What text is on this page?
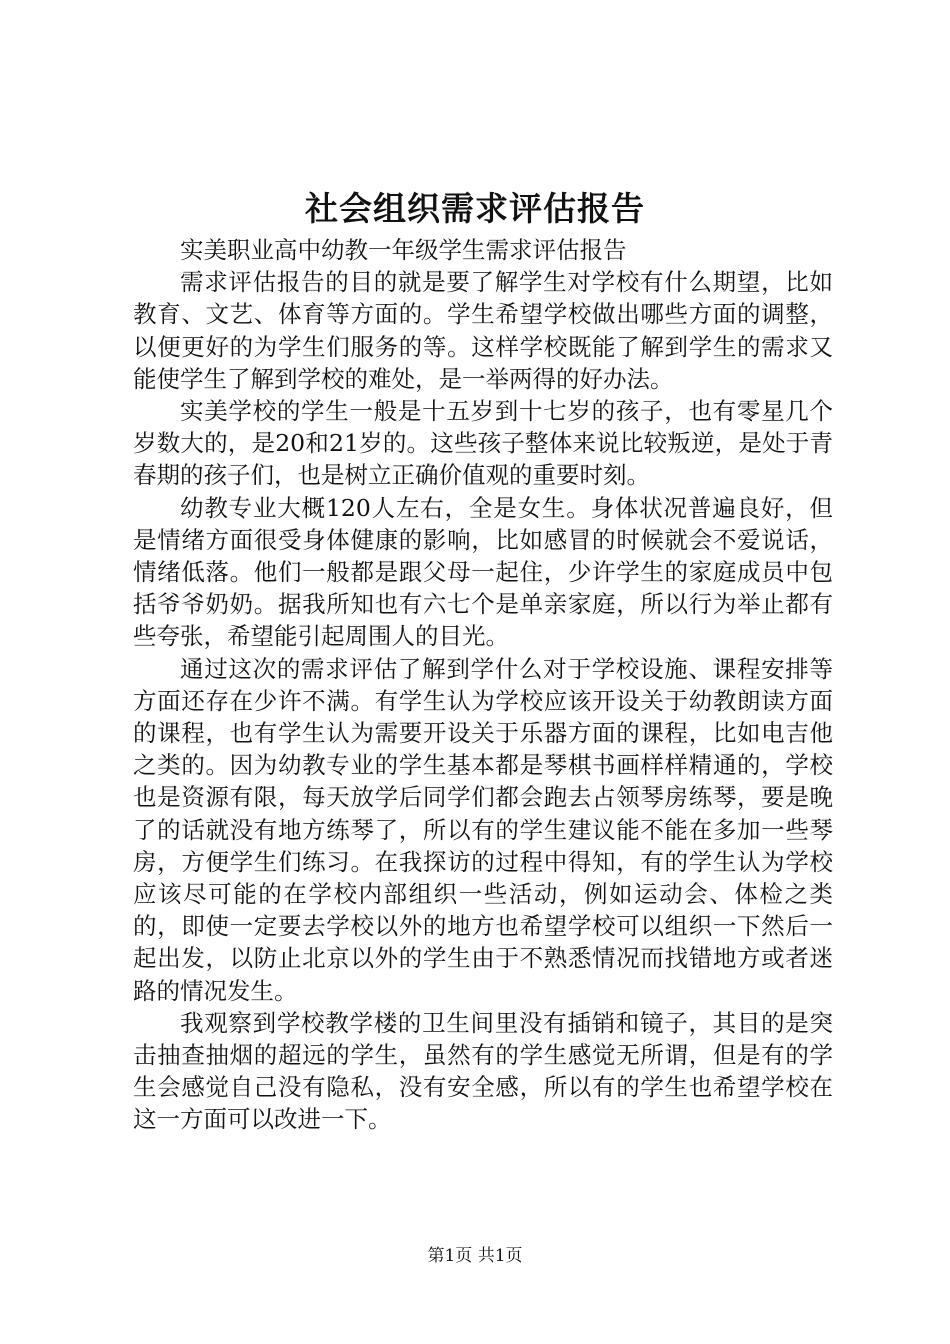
社会组织需求评估报告

实美职业高中幼教一年级学生需求评估报告

需求评估报告的目的就是要了解学生对学校有什么期望，比如教育、文艺、体育等方面的。学生希望学校做出哪些方面的调整，以便更好的为学生们服务的等。这样学校既能了解到学生的需求又能使学生了解到学校的难处，是一举两得的好办法。

实美学校的学生一般是十五岁到十七岁的孩子，也有零星几个岁数大的，是20和21岁的。这些孩子整体来说比较叛逆，是处于青春期的孩子们，也是树立正确价值观的重要时刻。

幼教专业大概120人左右，全是女生。身体状况普遍良好，但是情绪方面很受身体健康的影响，比如感冒的时候就会不爱说话，情绪低落。他们一般都是跟父母一起住，少许学生的家庭成员中包括爷爷奶奶。据我所知也有六七个是单亲家庭，所以行为举止都有些夸张，希望能引起周围人的目光。

通过这次的需求评估了解到学什么对于学校设施、课程安排等方面还存在少许不满。有学生认为学校应该开设关于幼教朗读方面的课程，也有学生认为需要开设关于乐器方面的课程，比如电吉他之类的。因为幼教专业的学生基本都是琴棋书画样样精通的，学校也是资源有限，每天放学后同学们都会跑去占领琴房练琴，要是晚了的话就没有地方练琴了，所以有的学生建议能不能在多加一些琴房，方便学生们练习。在我探访的过程中得知，有的学生认为学校应该尽可能的在学校内部组织一些活动，例如运动会、体检之类的，即使一定要去学校以外的地方也希望学校可以组织一下然后一起出发，以防止北京以外的学生由于不熟悉情况而找错地方或者迷路的情况发生。

我观察到学校教学楼的卫生间里没有插销和镜子，其目的是突击抽查抽烟的超远的学生，虽然有的学生感觉无所谓，但是有的学生会感觉自己没有隐私，没有安全感，所以有的学生也希望学校在这一方面可以改进一下。

第1页 共1页
